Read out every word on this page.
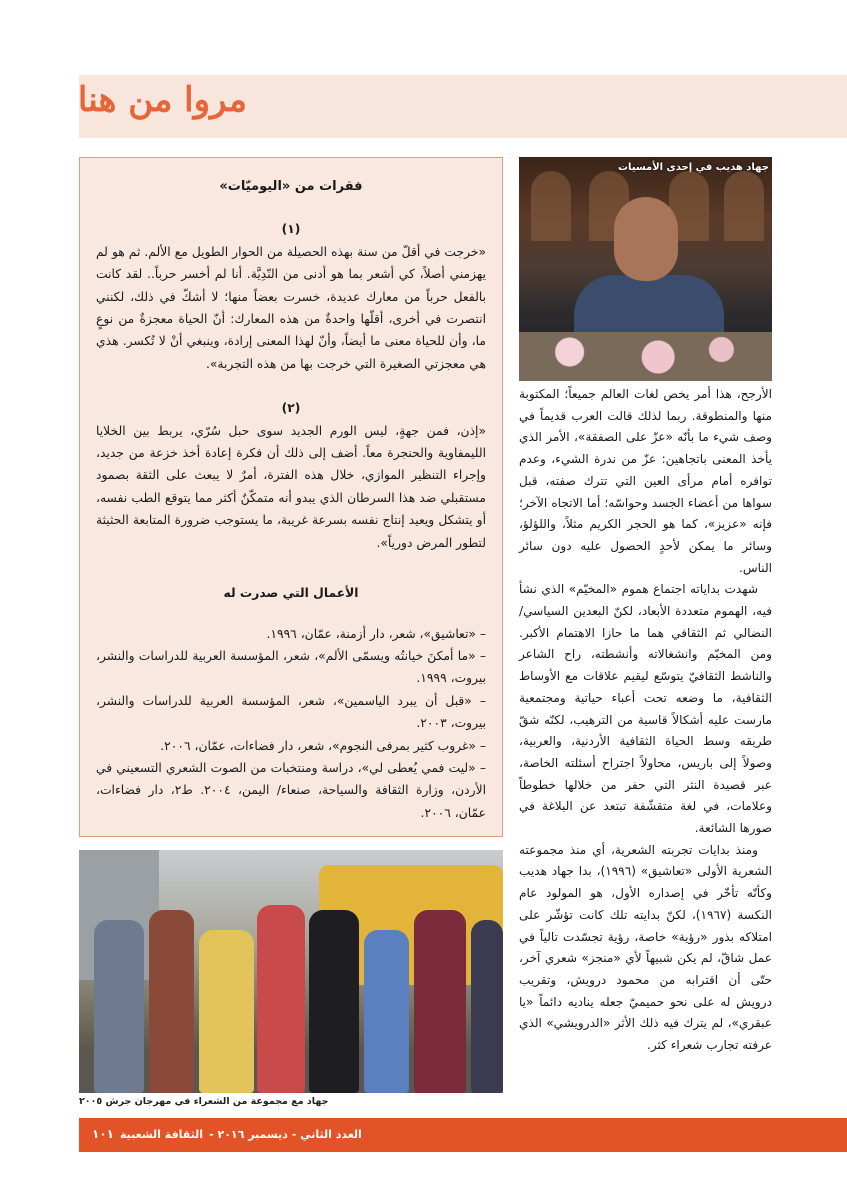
مروا من هنا
جهاد هديب في إحدى الأمسيات
فقرات من «اليوميّات»
(١)

«خرجت في أقلّ من سنة بهذه الحصيلة من الحوار الطويل مع الألم. ثم هو لم يهزمني أصلاً، كي أشعر بما هو أدنى من النّدِيَّة. أنا لم أخسر حرباً.. لقد كانت بالفعل حرباً من معارك عديدة، خسرت بعضاً منها؛ لا أشكّ في ذلك، لكنني انتصرت في أخرى، أقلّها واحدةٌ من هذه المعارك: أنّ الحياة معجزةٌ من نوعٍ ما، وأن للحياة معنى ما أيضاً، وأنّ لهذا المعنى إرادة، وينبغي أنْ لا تُكسر. هذي هي معجزتي الصغيرة التي خرجت بها من هذه التجربة».

(٢)

«إذن، فمن جهةٍ، ليس الورم الجديد سوى حبل سُرّي، يربط بين الخلايا الليمفاوية والحنجرة معاً. أضف إلى ذلك أن فكرة إعادة أخذ خزعة من جديد، وإجراء التنظير الموازي، خلال هذه الفترة، أمرٌ لا يبعث على الثقة بصمود مستقبلي ضد هذا السرطان الذي يبدو أنه متمكّنٌ أكثر مما يتوقع الطب نفسه، أو يتشكل ويعيد إنتاج نفسه بسرعة غريبة، ما يستوجب ضرورة المتابعة الحثيثة لتطور المرض دورياً».

الأعمال التي صدرت له

– «تعاشيق»، شعر، دار أزمنة، عمّان، ١٩٩٦.

– «ما أمكنَ خيانتُه ويسمّى الألم»، شعر، المؤسسة العربية للدراسات والنشر، بيروت، ١٩٩٩.

– «قبل أن يبرد الياسمين»، شعر، المؤسسة العربية للدراسات والنشر، بيروت، ٢٠٠٣.

– «غروب كثير بمرفى النجوم»، شعر، دار فضاءات، عمّان، ٢٠٠٦.

– «ليت فمي يُعطى لي»، دراسة ومنتخبات من الصوت الشعري التسعيني في الأردن، وزارة الثقافة والسياحة، صنعاء/ اليمن، ٢٠٠٤. ط٢، دار فضاءات، عمّان، ٢٠٠٦.

الأرجح، هذا أمر يخص لغات العالم جميعاً؛ المكتوبة منها والمنطوقة. ربما لذلك قالت العرب قديماً في وصف شيء ما بأنّه «عزّ على الصفقة»، الأمر الذي يأخذ المعنى باتجاهين: عزّ من ندرة الشيء، وعدم توافره أمام مرأى العين التي تترك صفته، قبل سواها من أعضاء الجسد وحواسّه؛ أما الاتجاه الآخر؛ فإنه «عزيز»، كما هو الحجر الكريم مثلاً، واللؤلؤ، وسائر ما يمكن لأحدٍ الحصول عليه دون سائر الناس.

شهدت بداياته اجتماع هموم «المخيّم» الذي نشأ فيه، الهموم متعددة الأبعاد، لكنّ البعدين السياسي/ النضالي ثم الثقافي هما ما حازا الاهتمام الأكبر. ومن المخيّم وانشغالاته وأنشطته، راح الشاعر والناشط الثقافيّ يتوسّع ليقيم علاقات مع الأوساط الثقافية، ما وضعه تحت أعباء حياتية ومجتمعية مارست عليه أشكالاً قاسية من الترهيب، لكنّه شقّ طريقه وسط الحياة الثقافية الأردنية، والعربية، وصولاً إلى باريس، محاولاً اجتراح أسئلته الخاصة، عبر قصيدة النثر التي حفر من خلالها خطوطاً وعلامات، في لغة متقشّفة تبتعد عن البلاغة في صورها الشائعة.

ومنذ بدايات تجربته الشعرية، أي منذ مجموعته الشعرية الأولى «تعاشيق» (١٩٩٦)، بدا جهاد هديب وكأنّه تأخّر في إصداره الأول، هو المولود عام النكسة (١٩٦٧)، لكنّ بدايته تلك كانت تؤشّر على امتلاكه بذور «رؤية» خاصة، رؤية تجسّدت تالياً في عمل شاقّ، لم يكن شبيهاً لأي «منجز» شعري آخر، حتّى أن اقترابه من محمود درويش، وتقريب درويش له على نحو حميميّ جعله يناديه دائماً «يا عبقري»، لم يترك فيه ذلك الأثر «الدرويشي» الذي عرفته تجارب شعراء كثر.

جهاد مع مجموعة من الشعراء في مهرجان جرش ٢٠٠٥
العدد الثاني - ديسمبر ٢٠١٦ -
الثقافة الشعبية
١٠١
